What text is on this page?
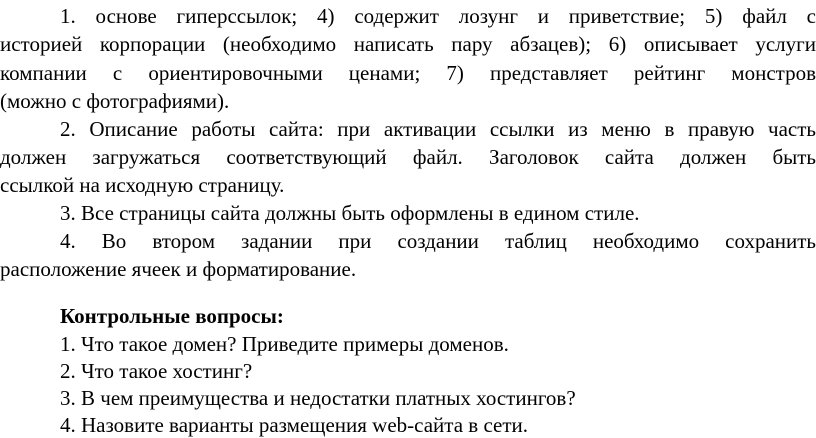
1. основе гиперссылок; 4) содержит лозунг и приветствие; 5) файл с
историей корпорации (необходимо написать пару абзацев); 6) описывает услуги
компании с ориентировочными ценами; 7) представляет рейтинг монстров
(можно с фотографиями).
2. Описание работы сайта: при активации ссылки из меню в правую часть
должен загружаться соответствующий файл. Заголовок сайта должен быть
ссылкой на исходную страницу.
3. Все страницы сайта должны быть оформлены в едином стиле.
4. Во втором задании при создании таблиц необходимо сохранить
расположение ячеек и форматирование.
Контрольные вопросы:
1. Что такое домен? Приведите примеры доменов.
2. Что такое хостинг?
3. В чем преимущества и недостатки платных хостингов?
4. Назовите варианты размещения web-сайта в сети.
